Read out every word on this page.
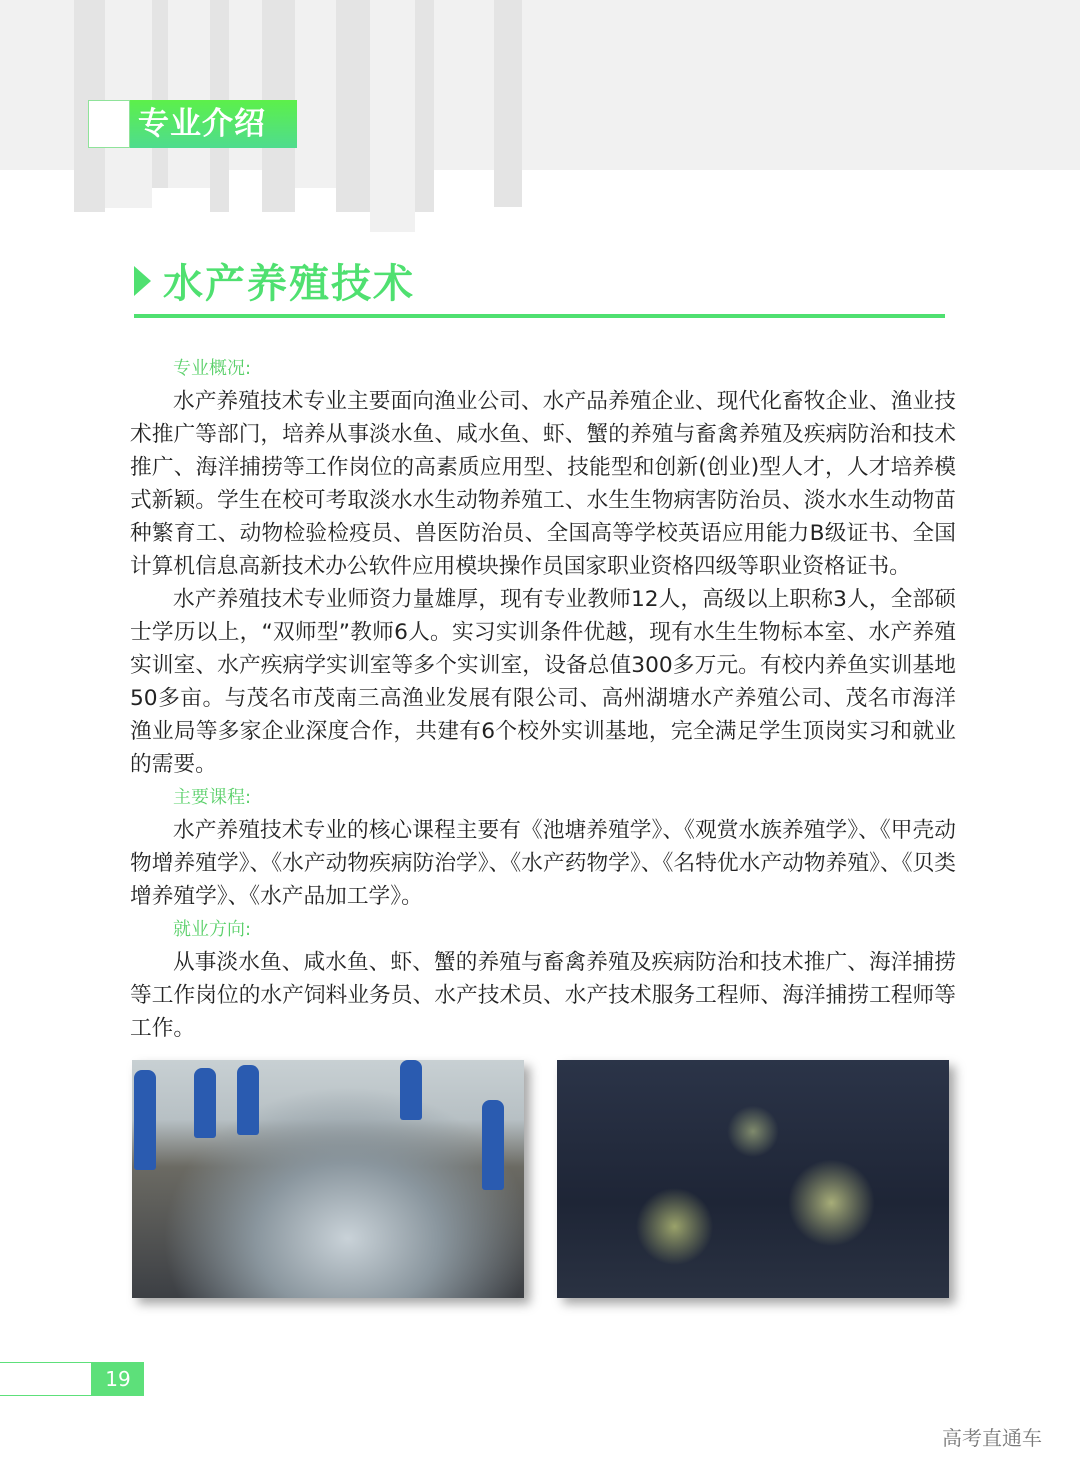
专业介绍
水产养殖技术
专业概况:

水产养殖技术专业主要面向渔业公司、水产品养殖企业、现代化畜牧企业、渔业技术推广等部门，培养从事淡水鱼、咸水鱼、虾、蟹的养殖与畜禽养殖及疾病防治和技术推广、海洋捕捞等工作岗位的高素质应用型、技能型和创新(创业)型人才，人才培养模式新颖。学生在校可考取淡水水生动物养殖工、水生生物病害防治员、淡水水生动物苗种繁育工、动物检验检疫员、兽医防治员、全国高等学校英语应用能力B级证书、全国计算机信息高新技术办公软件应用模块操作员国家职业资格四级等职业资格证书。

水产养殖技术专业师资力量雄厚，现有专业教师12人，高级以上职称3人，全部硕士学历以上，“双师型”教师6人。实习实训条件优越，现有水生生物标本室、水产养殖实训室、水产疾病学实训室等多个实训室，设备总值300多万元。有校内养鱼实训基地50多亩。与茂名市茂南三高渔业发展有限公司、高州湖塘水产养殖公司、茂名市海洋渔业局等多家企业深度合作，共建有6个校外实训基地，完全满足学生顶岗实习和就业的需要。

主要课程:

水产养殖技术专业的核心课程主要有《池塘养殖学》、《观赏水族养殖学》、《甲壳动物增养殖学》、《水产动物疾病防治学》、《水产药物学》、《名特优水产动物养殖》、《贝类增养殖学》、《水产品加工学》。

就业方向:

从事淡水鱼、咸水鱼、虾、蟹的养殖与畜禽养殖及疾病防治和技术推广、海洋捕捞等工作岗位的水产饲料业务员、水产技术员、水产技术服务工程师、海洋捕捞工程师等工作。

19
高考直通车
